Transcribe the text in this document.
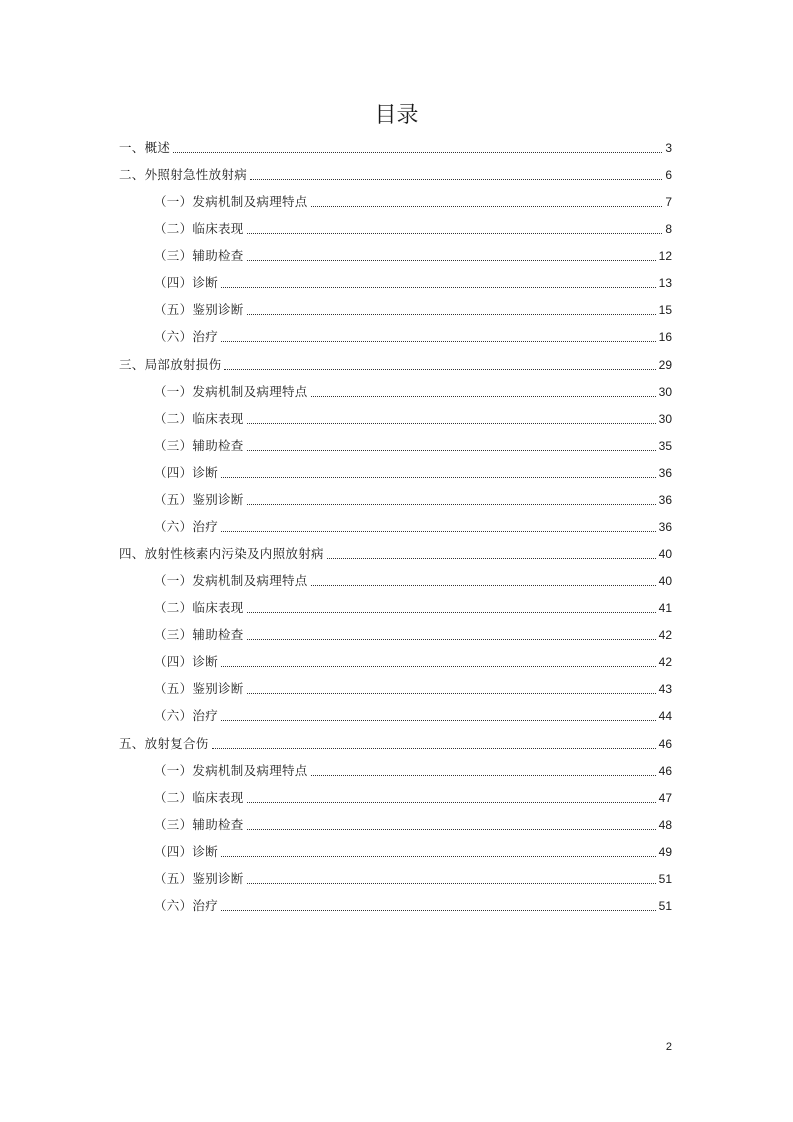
目录
一、概述	3
二、外照射急性放射病	6
（一）发病机制及病理特点	7
（二）临床表现	8
（三）辅助检查	12
（四）诊断	13
（五）鉴别诊断	15
（六）治疗	16
三、局部放射损伤	29
（一）发病机制及病理特点	30
（二）临床表现	30
（三）辅助检查	35
（四）诊断	36
（五）鉴别诊断	36
（六）治疗	36
四、放射性核素内污染及内照放射病	40
（一）发病机制及病理特点	40
（二）临床表现	41
（三）辅助检查	42
（四）诊断	42
（五）鉴别诊断	43
（六）治疗	44
五、放射复合伤	46
（一）发病机制及病理特点	46
（二）临床表现	47
（三）辅助检查	48
（四）诊断	49
（五）鉴别诊断	51
（六）治疗	51
2
